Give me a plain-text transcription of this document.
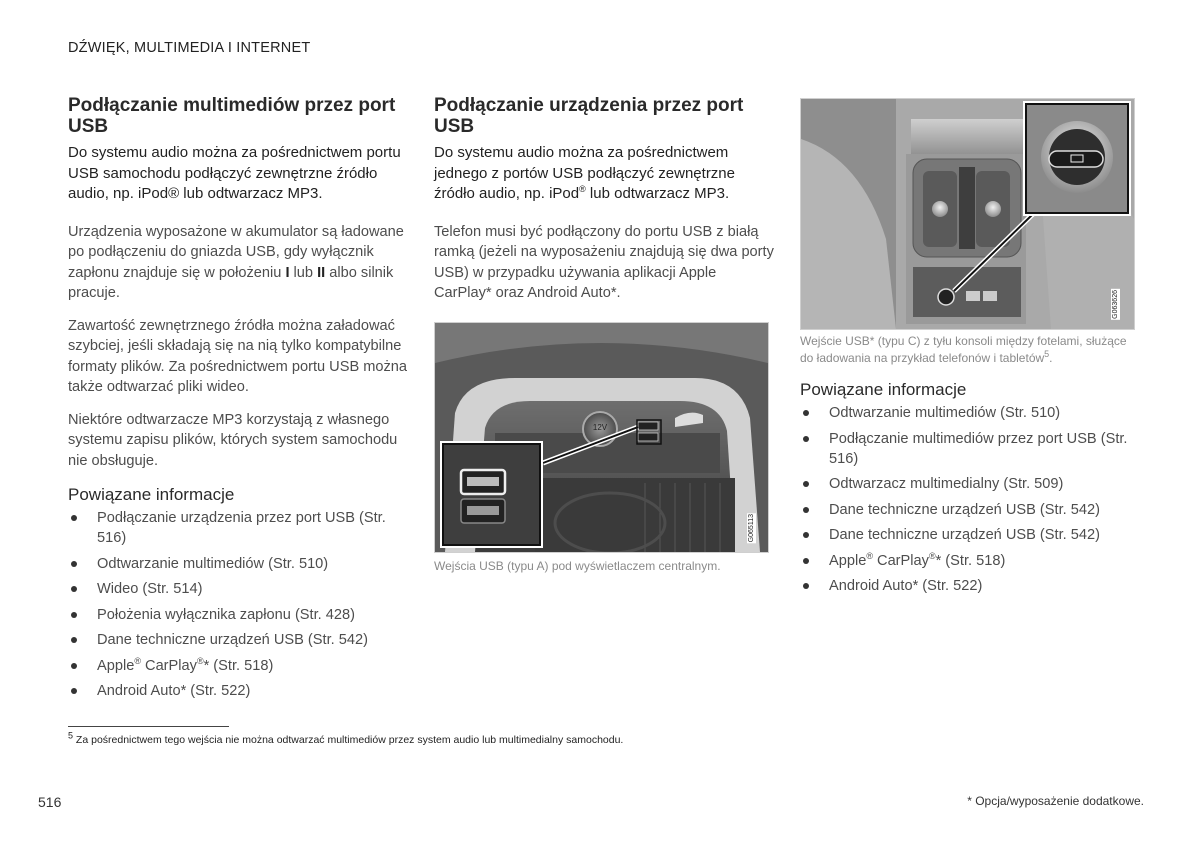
DŹWIĘK, MULTIMEDIA I INTERNET
Podłączanie multimediów przez port USB

Do systemu audio można za pośrednictwem portu USB samochodu podłączyć zewnętrzne źródło audio, np. iPod® lub odtwarzacz MP3.

Urządzenia wyposażone w akumulator są ładowane po podłączeniu do gniazda USB, gdy wyłącznik zapłonu znajduje się w położeniu I lub II albo silnik pracuje.

Zawartość zewnętrznego źródła można załadować szybciej, jeśli składają się na nią tylko kompatybilne formaty plików. Za pośrednictwem portu USB można także odtwarzać pliki wideo.

Niektóre odtwarzacze MP3 korzystają z własnego systemu zapisu plików, których system samochodu nie obsługuje.

Powiązane informacje
Podłączanie urządzenia przez port USB (Str. 516)
Odtwarzanie multimediów (Str. 510)
Wideo (Str. 514)
Położenia wyłącznika zapłonu (Str. 428)
Dane techniczne urządzeń USB (Str. 542)
Apple® CarPlay®* (Str. 518)
Android Auto* (Str. 522)
Podłączanie urządzenia przez port USB

Do systemu audio można za pośrednictwem jednego z portów USB podłączyć zewnętrzne źródło audio, np. iPod® lub odtwarzacz MP3.

Telefon musi być podłączony do portu USB z białą ramką (jeżeli na wyposażeniu znajdują się dwa porty USB) w przypadku używania aplikacji Apple CarPlay* oraz Android Auto*.

12V
G065113
Wejścia USB (typu A) pod wyświetlaczem centralnym.
G063626
Wejście USB* (typu C) z tyłu konsoli między fotelami, służące do ładowania na przykład telefonów i tabletów$^5$.
Powiązane informacje
Odtwarzanie multimediów (Str. 510)
Podłączanie multimediów przez port USB (Str. 516)
Odtwarzacz multimedialny (Str. 509)
Dane techniczne urządzeń USB (Str. 542)
Dane techniczne urządzeń USB (Str. 542)
Apple® CarPlay®* (Str. 518)
Android Auto* (Str. 522)
$^5$ Za pośrednictwem tego wejścia nie można odtwarzać multimediów przez system audio lub multimedialny samochodu.
516	* Opcja/wyposażenie dodatkowe.
